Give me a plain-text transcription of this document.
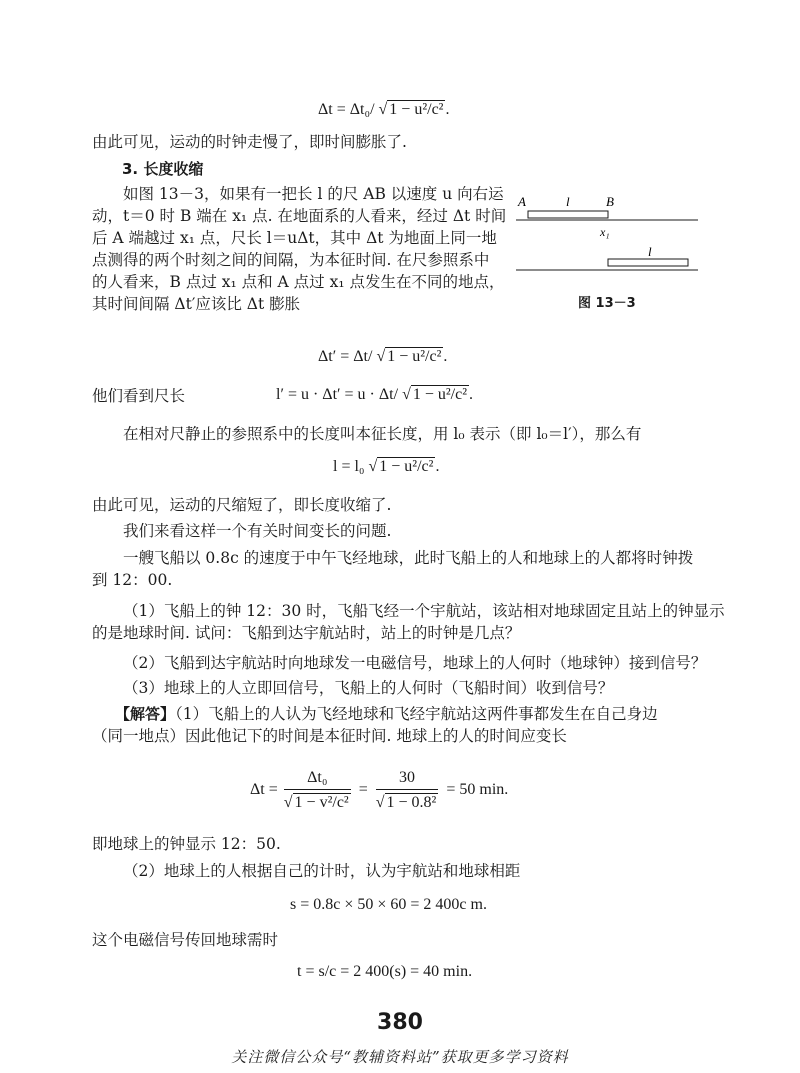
Δt = Δt₀/ √ 1 − u²/c² .
由此可见，运动的时钟走慢了，即时间膨胀了.
3. 长度收缩
如图 13－3，如果有一把长 l 的尺 AB 以速度 u 向右运
动，t＝0 时 B 端在 x₁ 点. 在地面系的人看来，经过 Δt 时间
后 A 端越过 x₁ 点，尺长 l＝uΔt，其中 Δt 为地面上同一地
点测得的两个时刻之间的间隔，为本征时间. 在尺参照系中
的人看来，B 点过 x₁ 点和 A 点过 x₁ 点发生在不同的地点，
其时间间隔 Δt′应该比 Δt 膨胀
A	l	B
x₁
l
图 13－3
Δt′ = Δt/ √ 1 − u²/c² .
他们看到尺长	l′ = u · Δt′ = u · Δt/ √ 1 − u²/c² .
在相对尺静止的参照系中的长度叫本征长度，用 l₀ 表示（即 l₀＝l′），那么有
l = l₀ √ 1 − u²/c² .
由此可见，运动的尺缩短了，即长度收缩了.
我们来看这样一个有关时间变长的问题.
一艘飞船以 0.8c 的速度于中午飞经地球，此时飞船上的人和地球上的人都将时钟拨
到 12：00.
（1）飞船上的钟 12：30 时，飞船飞经一个宇航站，该站相对地球固定且站上的钟显示
的是地球时间. 试问：飞船到达宇航站时，站上的时钟是几点？
（2）飞船到达宇航站时向地球发一电磁信号，地球上的人何时（地球钟）接到信号？
（3）地球上的人立即回信号，飞船上的人何时（飞船时间）收到信号？
【解答】（1）飞船上的人认为飞经地球和飞经宇航站这两件事都发生在自己身边
（同一地点）因此他记下的时间是本征时间. 地球上的人的时间应变长
$\Delta t = \frac{\text{Δt₀}}{\text{√ 1 − v²/c²}} = \frac{30}{\text{√ 1 − 0.8²}} = 50$ min.
即地球上的钟显示 12：50.
（2）地球上的人根据自己的计时，认为宇航站和地球相距
s = 0.8c × 50 × 60 = 2 400c m.
这个电磁信号传回地球需时
t = s/c = 2 400(s) = 40 min.
380
关注微信公众号“教辅资料站”获取更多学习资料
